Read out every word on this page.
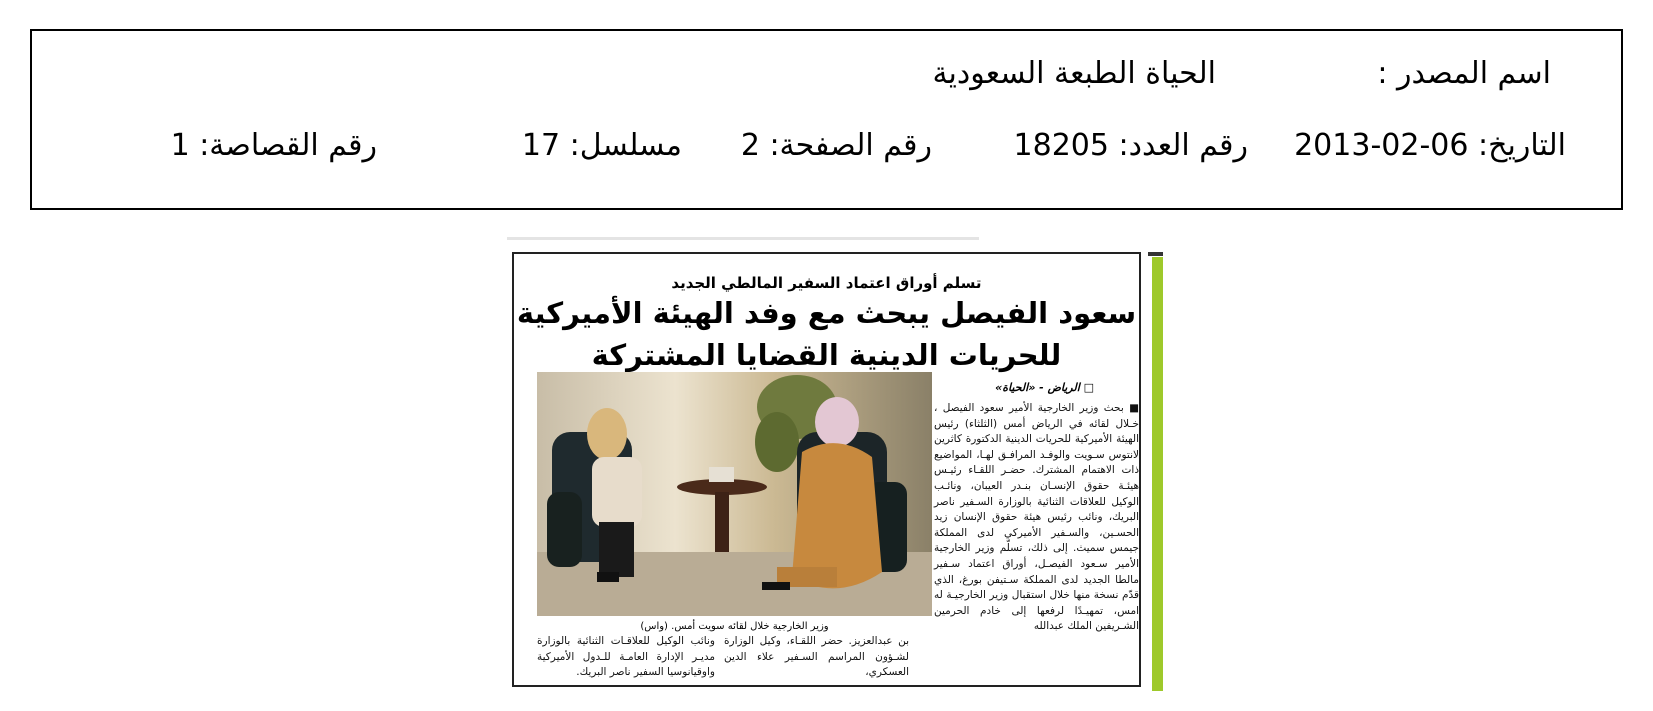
اسم المصدر :
الحياة الطبعة السعودية
التاريخ: 06-02-2013
رقم العدد: 18205
رقم الصفحة: 2
مسلسل: 17
رقم القصاصة: 1
تسلم أوراق اعتماد السفير المالطي الجديد
سعود الفيصل يبحث مع وفد الهيئة الأميركية
للحريات الدينية القضايا المشتركة
□ الرياض - «الحياة»
وزير الخارجية خلال لقائه سويت أمس. (واس)

■ بحث وزير الخارجية الأمير سعود الفيصل ، خـلال لقائه في الرياض أمس (الثلثاء) رئيس الهيئة الأميركية للحريات الدينية الدكتورة كاثرين لانتوس سـويت والوفـد المرافـق لهـا، المواضيع ذات الاهتمام المشترك. حضـر اللقـاء رئيـس هيئـة حقوق الإنسـان بنـدر العيبان، ونائـب الوكيل للعلاقات الثنائية بالوزارة السـفير ناصر البريك، ونائب رئيس هيئة حقوق الإنسان زيد الحسـين، والسـفير الأميركي لدى المملكة جيمس سميث. إلى ذلك، تسلّم وزير الخارجية الأمير سـعود الفيصـل، أوراق اعتماد سـفير مالطا الجديد لدى المملكة سـتيفن بورغ، الذي قدّم نسخة منها خلال استقبال وزير الخارجيـة له امس، تمهيـدًا لرفعها إلى خادم الحرمين الشـريفين الملك عبدالله

بن عبدالعزيز. حضر اللقـاء، وكيل الوزارة لشـؤون المراسم السـفير علاء الدين العسكري،

ونائب الوكيل للعلاقـات الثنائية بالوزارة مديـر الإدارة العامـة للـدول الأميركية واوقيانوسيا السفير ناصر البريك.
